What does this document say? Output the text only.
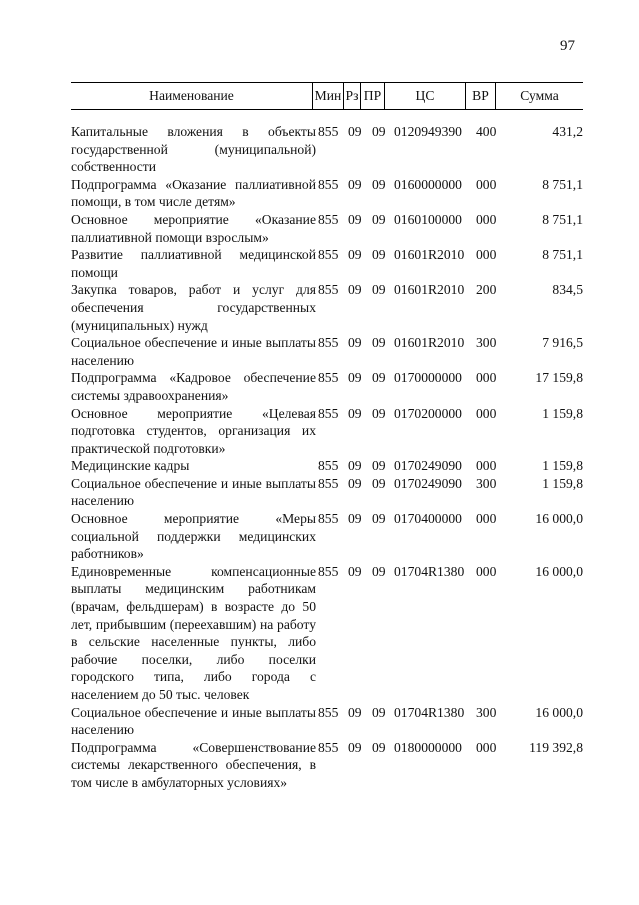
97
Наименование	Мин Рз ПР	ЦС	ВР	Сумма
Капитальные вложения в объекты государственной (муниципальной) собственности
855 09 09 0120949390	400	431,2
Подпрограмма «Оказание паллиативной помощи, в том числе детям»
855 09 09 0160000000	000	8 751,1
Основное мероприятие «Оказание паллиативной помощи взрослым»
855 09 09 0160100000	000	8 751,1
Развитие паллиативной медицинской помощи
855 09 09 01601R2010 000	8 751,1
Закупка товаров, работ и услуг для обеспечения государственных (муниципальных) нужд
855 09 09 01601R2010 200	834,5
Социальное обеспечение и иные выплаты населению
855 09 09 01601R2010 300	7 916,5
Подпрограмма «Кадровое обеспечение системы здравоохранения»
855 09 09 0170000000	000	17 159,8
Основное мероприятие «Целевая подготовка студентов, организация их практической подготовки»
855 09 09 0170200000	000	1 159,8
Медицинские кадры	855 09 09 0170249090	000	1 159,8
Социальное обеспечение и иные выплаты населению
855 09 09 0170249090	300	1 159,8
Основное мероприятие «Меры социальной поддержки медицинских работников»
855 09 09 0170400000	000	16 000,0
Единовременные компенсационные выплаты медицинским работникам (врачам, фельдшерам) в возрасте до 50 лет, прибывшим (переехавшим) на работу в сельские населенные пункты, либо рабочие поселки, либо поселки городского типа, либо города с населением до 50 тыс. человек
855 09 09 01704R1380 000	16 000,0
Социальное обеспечение и иные выплаты населению
855 09 09 01704R1380 300	16 000,0
Подпрограмма «Совершенствование системы лекарственного обеспечения, в том числе в амбулаторных условиях»
855 09 09 0180000000	000	119 392,8
